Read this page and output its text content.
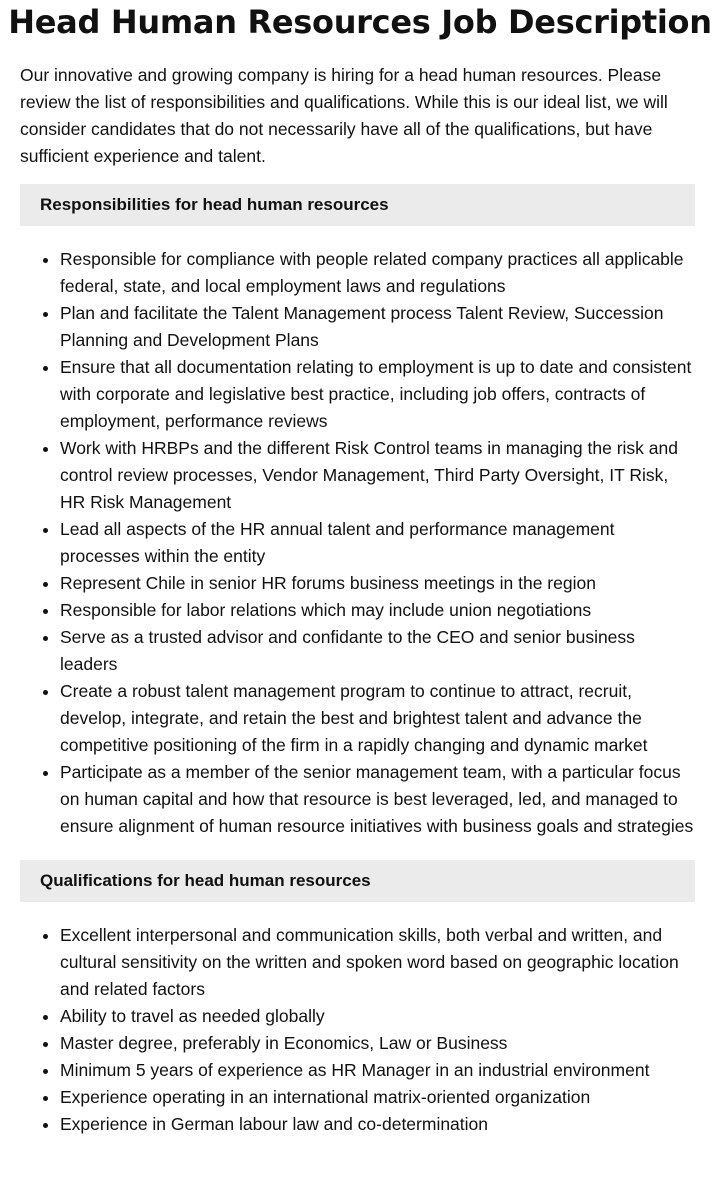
Head Human Resources Job Description

Our innovative and growing company is hiring for a head human resources. Please review the list of responsibilities and qualifications. While this is our ideal list, we will consider candidates that do not necessarily have all of the qualifications, but have sufficient experience and talent.

Responsibilities for head human resources
• Responsible for compliance with people related company practices all applicable federal, state, and local employment laws and regulations
• Plan and facilitate the Talent Management process Talent Review, Succession Planning and Development Plans
• Ensure that all documentation relating to employment is up to date and consistent with corporate and legislative best practice, including job offers, contracts of employment, performance reviews
• Work with HRBPs and the different Risk Control teams in managing the risk and control review processes, Vendor Management, Third Party Oversight, IT Risk, HR Risk Management
• Lead all aspects of the HR annual talent and performance management processes within the entity
• Represent Chile in senior HR forums business meetings in the region
• Responsible for labor relations which may include union negotiations
• Serve as a trusted advisor and confidante to the CEO and senior business leaders
• Create a robust talent management program to continue to attract, recruit, develop, integrate, and retain the best and brightest talent and advance the competitive positioning of the firm in a rapidly changing and dynamic market
• Participate as a member of the senior management team, with a particular focus on human capital and how that resource is best leveraged, led, and managed to ensure alignment of human resource initiatives with business goals and strategies
Qualifications for head human resources
• Excellent interpersonal and communication skills, both verbal and written, and cultural sensitivity on the written and spoken word based on geographic location and related factors
• Ability to travel as needed globally
• Master degree, preferably in Economics, Law or Business
• Minimum 5 years of experience as HR Manager in an industrial environment
• Experience operating in an international matrix-oriented organization
• Experience in German labour law and co-determination
